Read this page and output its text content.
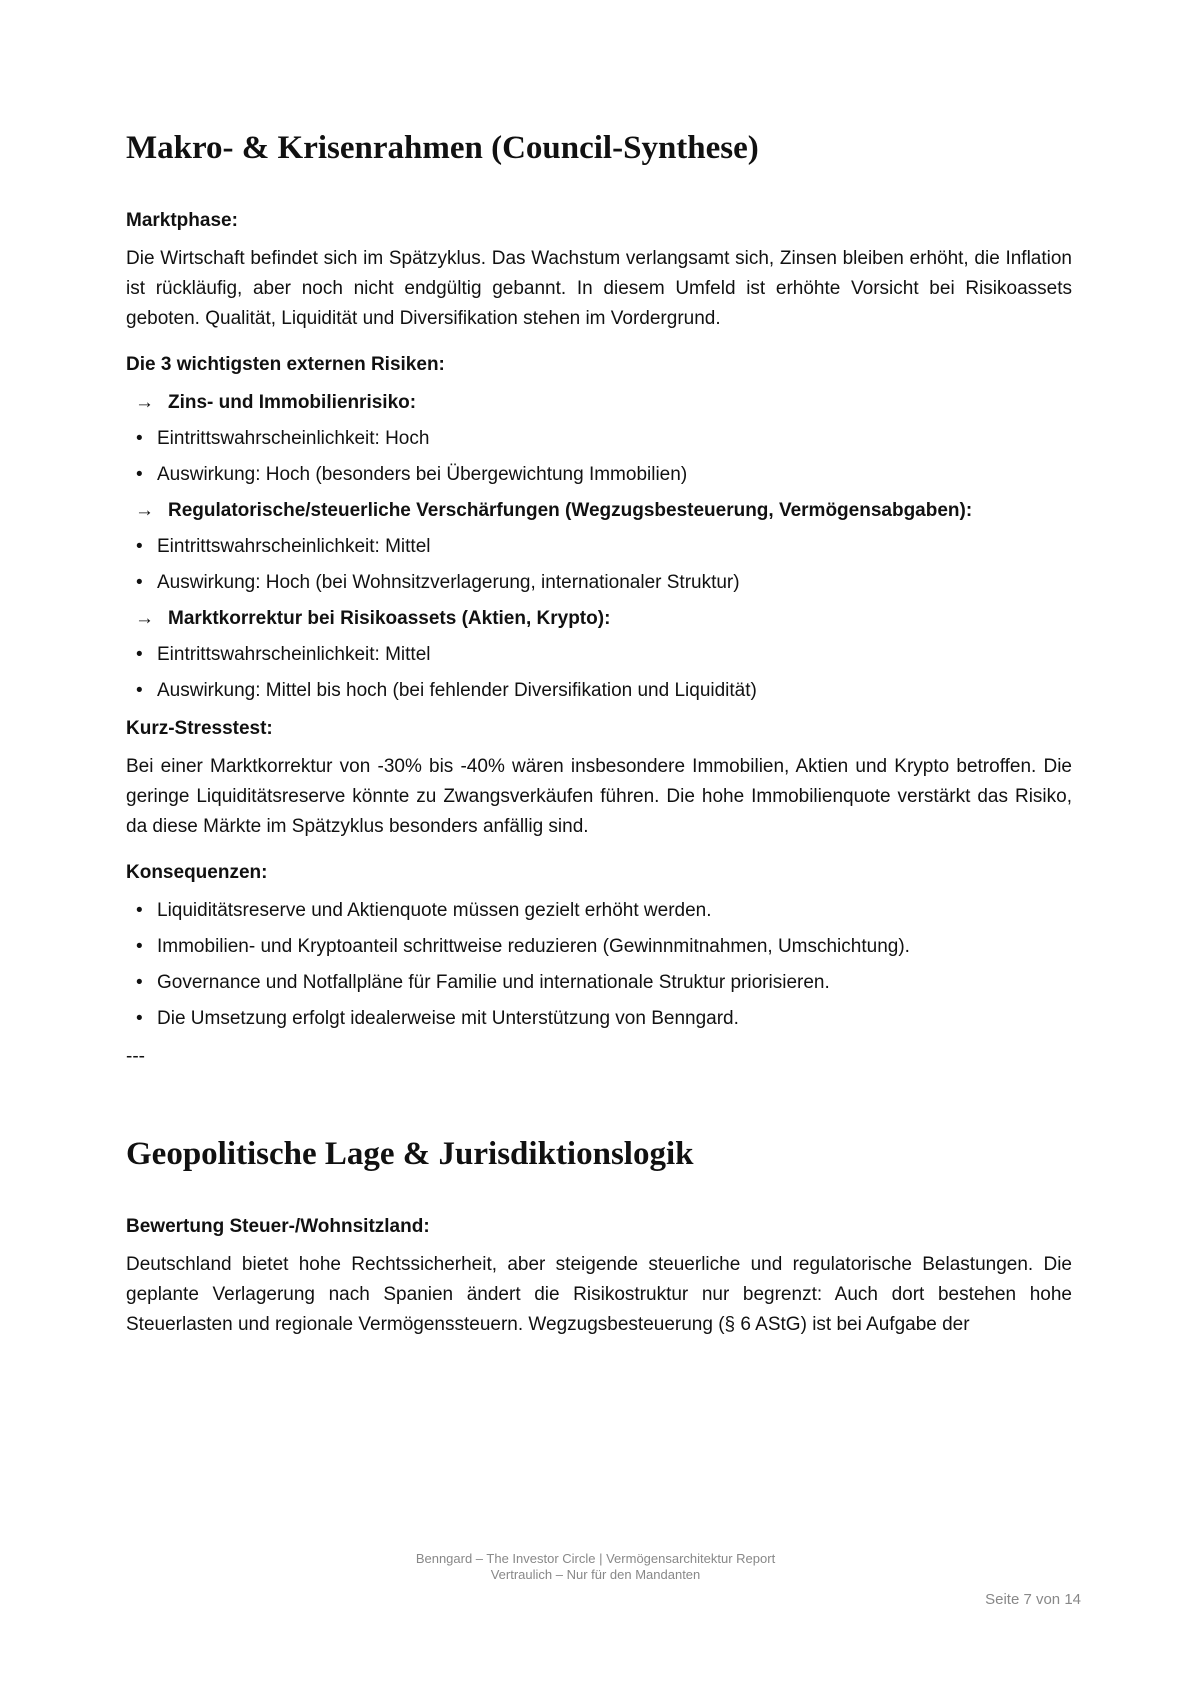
Makro- & Krisenrahmen (Council-Synthese)
Marktphase:

Die Wirtschaft befindet sich im Spätzyklus. Das Wachstum verlangsamt sich, Zinsen bleiben erhöht, die Inflation ist rückläufig, aber noch nicht endgültig gebannt. In diesem Umfeld ist erhöhte Vorsicht bei Risikoassets geboten. Qualität, Liquidität und Diversifikation stehen im Vordergrund.

Die 3 wichtigsten externen Risiken:
→ Zins- und Immobilienrisiko:
• Eintrittswahrscheinlichkeit: Hoch
• Auswirkung: Hoch (besonders bei Übergewichtung Immobilien)
→ Regulatorische/steuerliche Verschärfungen (Wegzugsbesteuerung, Vermögensabgaben):
• Eintrittswahrscheinlichkeit: Mittel
• Auswirkung: Hoch (bei Wohnsitzverlagerung, internationaler Struktur)
→ Marktkorrektur bei Risikoassets (Aktien, Krypto):
• Eintrittswahrscheinlichkeit: Mittel
• Auswirkung: Mittel bis hoch (bei fehlender Diversifikation und Liquidität)
Kurz-Stresstest:

Bei einer Marktkorrektur von -30% bis -40% wären insbesondere Immobilien, Aktien und Krypto betroffen. Die geringe Liquiditätsreserve könnte zu Zwangsverkäufen führen. Die hohe Immobilienquote verstärkt das Risiko, da diese Märkte im Spätzyklus besonders anfällig sind.

Konsequenzen:
• Liquiditätsreserve und Aktienquote müssen gezielt erhöht werden.
• Immobilien- und Kryptoanteil schrittweise reduzieren (Gewinnmitnahmen, Umschichtung).
• Governance und Notfallpläne für Familie und internationale Struktur priorisieren.
• Die Umsetzung erfolgt idealerweise mit Unterstützung von Benngard.
---
Geopolitische Lage & Jurisdiktionslogik
Bewertung Steuer-/Wohnsitzland:

Deutschland bietet hohe Rechtssicherheit, aber steigende steuerliche und regulatorische Belastungen. Die geplante Verlagerung nach Spanien ändert die Risikostruktur nur begrenzt: Auch dort bestehen hohe Steuerlasten und regionale Vermögenssteuern. Wegzugsbesteuerung (§ 6 AStG) ist bei Aufgabe der

Benngard – The Investor Circle | Vermögensarchitektur Report
Vertraulich – Nur für den Mandanten
Seite 7 von 14
